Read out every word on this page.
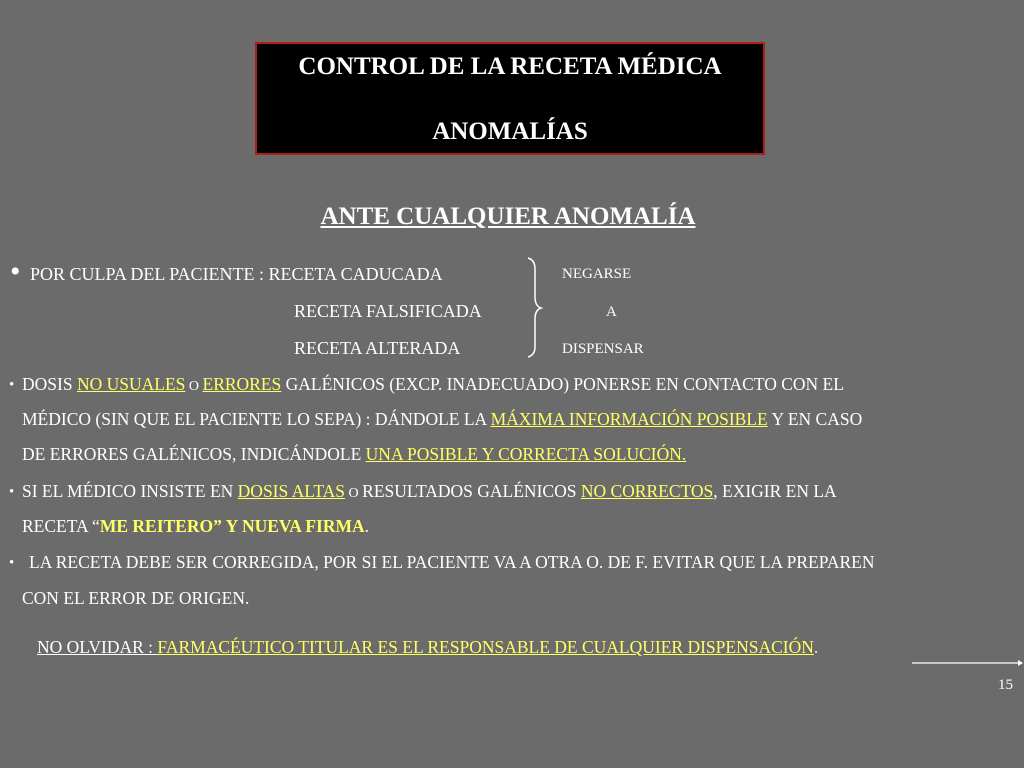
CONTROL DE LA RECETA MÉDICA
ANOMALÍAS
ANTE CUALQUIER ANOMALÍA
• POR CULPA DEL PACIENTE : RECETA CADUCADA
RECETA FALSIFICADA
RECETA ALTERADA
NEGARSE
A
DISPENSAR
• DOSIS NO USUALES O ERRORES GALÉNICOS (EXCP. INADECUADO) PONERSE EN CONTACTO CON EL
MÉDICO (SIN QUE EL PACIENTE LO SEPA) : DÁNDOLE LA MÁXIMA INFORMACIÓN POSIBLE Y EN CASO
DE ERRORES GALÉNICOS, INDICÁNDOLE UNA POSIBLE Y CORRECTA SOLUCIÓN.
• SI EL MÉDICO INSISTE EN DOSIS ALTAS O RESULTADOS GALÉNICOS NO CORRECTOS, EXIGIR EN LA
RECETA “ME REITERO” Y NUEVA FIRMA.
• LA RECETA DEBE SER CORREGIDA, POR SI EL PACIENTE VA A OTRA O. DE F. EVITAR QUE LA PREPAREN
CON EL ERROR DE ORIGEN.
NO OLVIDAR : FARMACÉUTICO TITULAR ES EL RESPONSABLE DE CUALQUIER DISPENSACIÓN.
15
